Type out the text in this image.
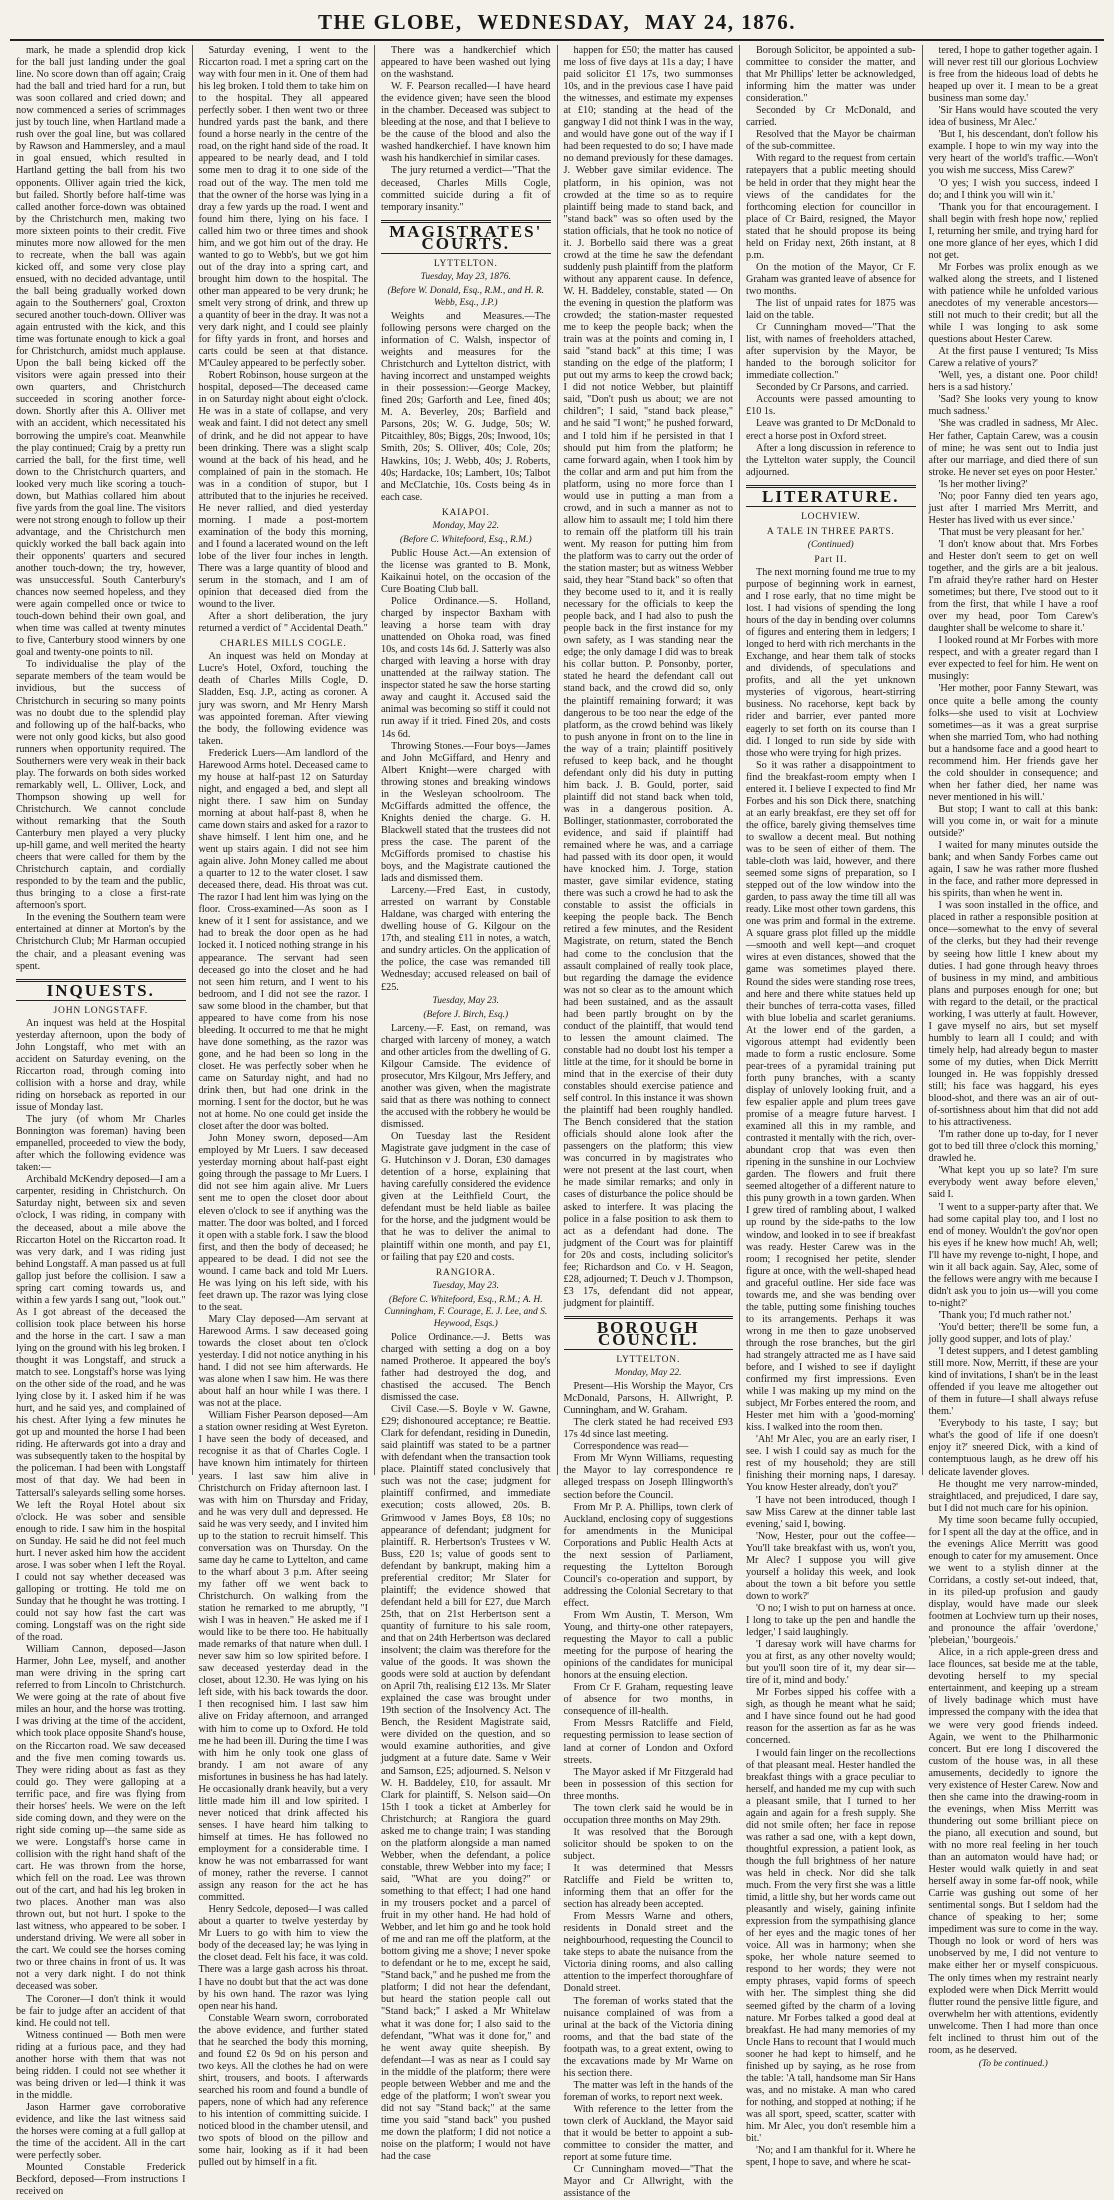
THE GLOBE, WEDNESDAY, MAY 24, 1876.

mark, he made a splendid drop kick for the ball just landing under the goal line. No score down than off again; Craig had the ball and tried hard for a run, but was soon collared and cried down; and now commenced a series of scrimmages just by touch line, when Hartland made a rush over the goal line, but was collared by Rawson and Hammersley, and a maul in goal ensued, which resulted in Hartland getting the ball from his two opponents. Olliver again tried the kick, but failed. Shortly before half-time was called another force-down was obtained by the Christchurch men, making two more sixteen points to their credit. Five minutes more now allowed for the men to recreate, when the ball was again kicked off, and some very close play ensued, with no decided advantage, until the ball being gradually worked down again to the Southerners' goal, Croxton secured another touch-down. Olliver was again entrusted with the kick, and this time was fortunate enough to kick a goal for Christchurch, amidst much applause. Upon the ball being kicked off the visitors were again pressed into their own quarters, and Christchurch succeeded in scoring another force-down. Shortly after this A. Olliver met with an accident, which necessitated his borrowing the umpire's coat. Meanwhile the play continued; Craig by a pretty run carried the ball, for the first time, well down to the Christchurch quarters, and looked very much like scoring a touch-down, but Mathias collared him about five yards from the goal line. The visitors were not strong enough to follow up their advantage, and the Christchurch men quickly worked the ball back again into their opponents' quarters and secured another touch-down; the try, however, was unsuccessful. South Canterbury's chances now seemed hopeless, and they were again compelled once or twice to touch-down behind their own goal, and when time was called at twenty minutes to five, Canterbury stood winners by one goal and twenty-one points to nil.

To individualise the play of the separate members of the team would be invidious, but the success of Christchurch in securing so many points was no doubt due to the splendid play and following up of the half-backs, who were not only good kicks, but also good runners when opportunity required. The Southerners were very weak in their back play. The forwards on both sides worked remarkably well, L. Olliver, Lock, and Thompson showing up well for Christchurch. We cannot conclude without remarking that the South Canterbury men played a very plucky up-hill game, and well merited the hearty cheers that were called for them by the Christchurch captain, and cordially responded to by the team and the public, thus bringing to a close a first-rate afternoon's sport.

In the evening the Southern team were entertained at dinner at Morton's by the Christchurch Club; Mr Harman occupied the chair, and a pleasant evening was spent.

INQUESTS.
JOHN LONGSTAFF.

An inquest was held at the Hospital yesterday afternoon, upon the body of John Longstaff, who met with an accident on Saturday evening, on the Riccarton road, through coming into collision with a horse and dray, while riding on horseback as reported in our issue of Monday last.

The jury (of whom Mr Charles Bonnington was foreman) having been empanelled, proceeded to view the body, after which the following evidence was taken:—

Archibald McKendry deposed—I am a carpenter, residing in Christchurch. On Saturday night, between six and seven o'clock, I was riding, in company with the deceased, about a mile above the Riccarton Hotel on the Riccarton road. It was very dark, and I was riding just behind Longstaff. A man passed us at full gallop just before the collision. I saw a spring cart coming towards us, and within a few yards I sang out, "look out." As I got abreast of the deceased the collision took place between his horse and the horse in the cart. I saw a man lying on the ground with his leg broken. I thought it was Longstaff, and struck a match to see. Longstaff's horse was lying on the other side of the road, and he was lying close by it. I asked him if he was hurt, and he said yes, and complained of his chest. After lying a few minutes he got up and mounted the horse I had been riding. He afterwards got into a dray and was subsequently taken to the hospital by the policeman. I had been with Longstaff most of that day. We had been in Tattersall's saleyards selling some horses. We left the Royal Hotel about six o'clock. He was sober and sensible enough to ride. I saw him in the hospital on Sunday. He said he did not feel much hurt. I never asked him how the accident arose. I was sober when I left the Royal. I could not say whether deceased was galloping or trotting. He told me on Sunday that he thought he was trotting. I could not say how fast the cart was coming. Longstaff was on the right side of the road.

William Cannon, deposed—Jason Harmer, John Lee, myself, and another man were driving in the spring cart referred to from Lincoln to Christchurch. We were going at the rate of about five miles an hour, and the horse was trotting. I was driving at the time of the accident, which took place opposite Shand's house, on the Riccarton road. We saw deceased and the five men coming towards us. They were riding about as fast as they could go. They were galloping at a terrific pace, and fire was flying from their horses' heels. We were on the left side coming down, and they were on the right side coming up—the same side as we were. Longstaff's horse came in collision with the right hand shaft of the cart. He was thrown from the horse, which fell on the road. Lee was thrown out of the cart, and had his leg broken in two places. Another man was also thrown out, but not hurt. I spoke to the last witness, who appeared to be sober. I understand driving. We were all sober in the cart. We could see the horses coming two or three chains in front of us. It was not a very dark night. I do not think deceased was sober.

The Coroner—I don't think it would be fair to judge after an accident of that kind. He could not tell.

Witness continued — Both men were riding at a furious pace, and they had another horse with them that was not being ridden. I could not see whether it was being driven or led—I think it was in the middle.

Jason Harmer gave corroborative evidence, and like the last witness said the horses were coming at a full gallop at the time of the accident. All in the cart were perfectly sober.

Mounted Constable Frederick Beckford, deposed—From instructions I received on

Saturday evening, I went to the Riccarton road. I met a spring cart on the way with four men in it. One of them had his leg broken. I told them to take him on to the hospital. They all appeared perfectly sober. I then went two or three hundred yards past the bank, and there found a horse nearly in the centre of the road, on the right hand side of the road. It appeared to be nearly dead, and I told some men to drag it to one side of the road out of the way. The men told me that the owner of the horse was lying in a dray a few yards up the road. I went and found him there, lying on his face. I called him two or three times and shook him, and we got him out of the dray. He wanted to go to Webb's, but we got him out of the dray into a spring cart, and brought him down to the hospital. The other man appeared to be very drunk; he smelt very strong of drink, and threw up a quantity of beer in the dray. It was not a very dark night, and I could see plainly for fifty yards in front, and horses and carts could be seen at that distance. M'Cauley appeared to be perfectly sober.

Robert Robinson, house surgeon at the hospital, deposed—The deceased came in on Saturday night about eight o'clock. He was in a state of collapse, and very weak and faint. I did not detect any smell of drink, and he did not appear to have been drinking. There was a slight scalp wound at the back of his head, and he complained of pain in the stomach. He was in a condition of stupor, but I attributed that to the injuries he received. He never rallied, and died yesterday morning. I made a post-mortem examination of the body this morning, and I found a lacerated wound on the left lobe of the liver four inches in length. There was a large quantity of blood and serum in the stomach, and I am of opinion that deceased died from the wound to the liver.

After a short deliberation, the jury returned a verdict of " Accidental Death."

CHARLES MILLS COGLE.

An inquest was held on Monday at Lucre's Hotel, Oxford, touching the death of Charles Mills Cogle, D. Sladden, Esq. J.P., acting as coroner. A jury was sworn, and Mr Henry Marsh was appointed foreman. After viewing the body, the following evidence was taken.

Frederick Luers—Am landlord of the Harewood Arms hotel. Deceased came to my house at half-past 12 on Saturday night, and engaged a bed, and slept all night there. I saw him on Sunday morning at about half-past 8, when he came down stairs and asked for a razor to shave himself. I lent him one, and he went up stairs again. I did not see him again alive. John Money called me about a quarter to 12 to the water closet. I saw deceased there, dead. His throat was cut. The razor I had lent him was lying on the floor. Cross-examined—As soon as I knew of it I sent for assistance, and we had to break the door open as he had locked it. I noticed nothing strange in his appearance. The servant had seen deceased go into the closet and he had not seen him return, and I went to his bedroom, and I did not see the razor. I saw some blood in the chamber, but that appeared to have come from his nose bleeding. It occurred to me that he might have done something, as the razor was gone, and he had been so long in the closet. He was perfectly sober when he came on Saturday night, and had no drink then, but had one drink in the morning. I sent for the doctor, but he was not at home. No one could get inside the closet after the door was bolted.

John Money sworn, deposed—Am employed by Mr Luers. I saw deceased yesterday morning about half-past eight going through the passage to Mr Luers. I did not see him again alive. Mr Luers sent me to open the closet door about eleven o'clock to see if anything was the matter. The door was bolted, and I forced it open with a stable fork. I saw the blood first, and then the body of deceased; he appeared to be dead. I did not see the wound. I came back and told Mr Luers. He was lying on his left side, with his feet drawn up. The razor was lying close to the seat.

Mary Clay deposed—Am servant at Harewood Arms. I saw deceased going towards the closet about ten o'clock yesterday. I did not notice anything in his hand. I did not see him afterwards. He was alone when I saw him. He was there about half an hour while I was there. I was not at the place.

William Fisher Pearson deposed—Am a station owner residing at West Eyreton. I have seen the body of deceased, and recognise it as that of Charles Cogle. I have known him intimately for thirteen years. I last saw him alive in Christchurch on Friday afternoon last. I was with him on Thursday and Friday, and he was very dull and depressed. He said he was very seedy, and I invited him up to the station to recruit himself. This conversation was on Thursday. On the same day he came to Lyttelton, and came to the wharf about 3 p.m. After seeing my father off we went back to Christchurch. On walking from the station he remarked to me abruptly, "I wish I was in heaven." He asked me if I would like to be there too. He habitually made remarks of that nature when dull. I never saw him so low spirited before. I saw deceased yesterday dead in the closet, about 12.30. He was lying on his left side, with his back towards the door. I then recognised him. I last saw him alive on Friday afternoon, and arranged with him to come up to Oxford. He told me he had been ill. During the time I was with him he only took one glass of brandy. I am not aware of any misfortunes in business he has had lately. He occasionally drank heavily, but a very little made him ill and low spirited. I never noticed that drink affected his senses. I have heard him talking to himself at times. He has followed no employment for a considerable time. I know he was not embarrassed for want of money, rather the reverse. I cannot assign any reason for the act he has committed.

Henry Sedcole, deposed—I was called about a quarter to twelve yesterday by Mr Luers to go with him to view the body of the deceased lay; he was lying in the closet dead. Felt his face, it was cold. There was a large gash across his throat. I have no doubt but that the act was done by his own hand. The razor was lying open near his hand.

Constable Wearn sworn, corroborated the above evidence, and further stated that he searched the body this morning, and found £2 0s 9d on his person and two keys. All the clothes he had on were shirt, trousers, and boots. I afterwards searched his room and found a bundle of papers, none of which had any reference to his intention of committing suicide. I noticed blood in the chamber utensil, and two spots of blood on the pillow and some hair, looking as if it had been pulled out by himself in a fit.

There was a handkerchief which appeared to have been washed out lying on the washstand.

W. F. Pearson recalled—I have heard the evidence given; have seen the blood in the chamber. Deceased was subject to bleeding at the nose, and that I believe to be the cause of the blood and also the washed handkerchief. I have known him wash his handkerchief in similar cases.

The jury returned a verdict—"That the deceased, Charles Mills Cogle, committed suicide during a fit of temporary insanity."

MAGISTRATES' COURTS.
LYTTELTON.
Tuesday, May 23, 1876.
(Before W. Donald, Esq., R.M., and H. R. Webb, Esq., J.P.)

Weights and Measures.—The following persons were charged on the information of C. Walsh, inspector of weights and measures for the Christchurch and Lyttelton district, with having incorrect and unstamped weights in their possession:—George Mackey, fined 20s; Garforth and Lee, fined 40s; M. A. Beverley, 20s; Barfield and Parsons, 20s; W. G. Judge, 50s; W. Pitcaithley, 80s; Biggs, 20s; Inwood, 10s; Smith, 20s; S. Olliver, 40s; Cole, 20s; Hawkins, 10s; J. Webb, 40s; J. Roberts, 40s; Hardacke, 10s; Lambert, 10s; Talbot and McClatchie, 10s. Costs being 4s in each case.

KAIAPOI.
Monday, May 22.
(Before C. Whitefoord, Esq., R.M.)

Public House Act.—An extension of the license was granted to B. Monk, Kaikainui hotel, on the occasion of the Cure Boating Club ball.

Police Ordinance.—S. Holland, charged by inspector Baxham with leaving a horse team with dray unattended on Ohoka road, was fined 10s, and costs 14s 6d. J. Satterly was also charged with leaving a horse with dray unattended at the railway station. The inspector stated he saw the horse starting away and caught it. Accused said the animal was becoming so stiff it could not run away if it tried. Fined 20s, and costs 14s 6d.

Throwing Stones.—Four boys—James and John McGiffard, and Henry and Albert Knight—were charged with throwing stones and breaking windows in the Wesleyan schoolroom. The McGiffards admitted the offence, the Knights denied the charge. G. H. Blackwell stated that the trustees did not press the case. The parent of the McGiffords promised to chastise his boys, and the Magistrate cautioned the lads and dismissed them.

Larceny.—Fred East, in custody, arrested on warrant by Constable Haldane, was charged with entering the dwelling house of G. Kilgour on the 17th, and stealing £11 in notes, a watch, and sundry articles. On the application of the police, the case was remanded till Wednesday; accused released on bail of £25.

Tuesday, May 23.
(Before J. Birch, Esq.)

Larceny.—F. East, on remand, was charged with larceny of money, a watch and other articles from the dwelling of G. Kilgour Camside. The evidence of prosecutor, Mrs Kilgour, Mrs Jeffery, and another was given, when the magistrate said that as there was nothing to connect the accused with the robbery he would be dismissed.

On Tuesday last the Resident Magistrate gave judgment in the case of G. Hutchinson v J. Doran, £30 damages detention of a horse, explaining that having carefully considered the evidence given at the Leithfield Court, the defendant must be held liable as bailee for the horse, and the judgment would be that he was to deliver the animal to plaintiff within one month, and pay £1, or failing that pay £20 and costs.

RANGIORA.
Tuesday, May 23.
(Before C. Whitefoord, Esq., R.M.; A. H. Cunningham, F. Courage, E. J. Lee, and S. Heywood, Esqs.)

Police Ordinance.—J. Betts was charged with setting a dog on a boy named Protheroe. It appeared the boy's father had destroyed the dog, and chastised the accused. The Bench dismissed the case.

Civil Case.—S. Boyle v W. Gawne, £29; dishonoured acceptance; re Beattie. Clark for defendant, residing in Dunedin, said plaintiff was stated to be a partner with defendant when the transaction took place. Plaintiff stated conclusively that such was not the case; judgment for plaintiff confirmed, and immediate execution; costs allowed, 20s. B. Grimwood v James Boys, £8 10s; no appearance of defendant; judgment for plaintiff. R. Herbertson's Trustees v W. Buss, £20 1s; value of goods sent to defendant by bankrupt, making him a preferential creditor; Mr Slater for plaintiff; the evidence showed that defendant held a bill for £27, due March 25th, that on 21st Herbertson sent a quantity of furniture to his sale room, and that on 24th Herbertson was declared insolvent; the claim was therefore for the value of the goods. It was shown the goods were sold at auction by defendant on April 7th, realising £12 13s. Mr Slater explained the case was brought under 19th section of the Insolvency Act. The Bench, the Resident Magistrate said, were divided on the question, and so would examine authorities, and give judgment at a future date. Same v Weir and Samson, £25; adjourned. S. Nelson v W. H. Baddeley, £10, for assault. Mr Clark for plaintiff, S. Nelson said—On 15th I took a ticket at Amberley for Christchurch; at Rangiora the guard asked me to change train; I was standing on the platform alongside a man named Webber, when the defendant, a police constable, threw Webber into my face; I said, "What are you doing?" or something to that effect; I had one hand in my trousers pocket and a parcel of fruit in my other hand. He had hold of Webber, and let him go and he took hold of me and ran me off the platform, at the bottom giving me a shove; I never spoke to defendant or he to me, except he said, "Stand back," and he pushed me from the platform; I did not hear the defendant, but heard the station people call out "Stand back;" I asked a Mr Whitelaw what it was done for; I also said to the defendant, "What was it done for," and he went away quite sheepish. By defendant—I was as near as I could say in the middle of the platform; there were people between Webber and me and the edge of the platform; I won't swear you did not say "Stand back;" at the same time you said "stand back" you pushed me down the platform; I did not notice a noise on the platform; I would not have had the case

happen for £50; the matter has caused me loss of five days at 11s a day; I have paid solicitor £1 17s, two summonses 10s, and in the previous case I have paid the witnesses, and estimate my expenses at £10; standing at the head of the gangway I did not think I was in the way, and would have gone out of the way if I had been requested to do so; I have made no demand previously for these damages. J. Webber gave similar evidence. The platform, in his opinion, was not crowded at the time so as to require plaintiff being made to stand back, and "stand back" was so often used by the station officials, that he took no notice of it. J. Borbello said there was a great crowd at the time he saw the defendant suddenly push plaintiff from the platform without any apparent cause. In defence, W. H. Baddeley, constable, stated — On the evening in question the platform was crowded; the station-master requested me to keep the people back; when the train was at the points and coming in, I said "stand back" at this time; I was standing on the edge of the platform; I put out my arms to keep the crowd back; I did not notice Webber, but plaintiff said, "Don't push us about; we are not children"; I said, "stand back please," and he said "I wont;" he pushed forward, and I told him if he persisted in that I should put him from the platform; he came forward again, when I took him by the collar and arm and put him from the platform, using no more force than I would use in putting a man from a crowd, and in such a manner as not to allow him to assault me; I told him there to remain off the platform till his train went. My reason for putting him from the platform was to carry out the order of the station master; but as witness Webber said, they hear "Stand back" so often that they become used to it, and it is really necessary for the officials to keep the people back, and I had also to push the people back in the first instance for my own safety, as I was standing near the edge; the only damage I did was to break his collar button. P. Ponsonby, porter, stated he heard the defendant call out stand back, and the crowd did so, only the plaintiff remaining forward; it was dangerous to be too near the edge of the platform, as the crowd behind was likely to push anyone in front on to the line in the way of a train; plaintiff positively refused to keep back, and he thought defendant only did his duty in putting him back. J. B. Gould, porter, said plaintiff did not stand back when told, was in a dangerous position. A. Bollinger, stationmaster, corroborated the evidence, and said if plaintiff had remained where he was, and a carriage had passed with its door open, it would have knocked him. J. Torge, station master, gave similar evidence, stating there was such a crowd he had to ask the constable to assist the officials in keeping the people back. The Bench retired a few minutes, and the Resident Magistrate, on return, stated the Bench had come to the conclusion that the assault complained of really took place, but regarding the damage the evidence was not so clear as to the amount which had been sustained, and as the assault had been partly brought on by the conduct of the plaintiff, that would tend to lessen the amount claimed. The constable had no doubt lost his temper a little at the time, for it should be borne in mind that in the exercise of their duty constables should exercise patience and self control. In this instance it was shown the plaintiff had been roughly handled. The Bench considered that the station officials should alone look after the passengers on the platform; this view was concurred in by magistrates who were not present at the last court, when he made similar remarks; and only in cases of disturbance the police should be asked to interfere. It was placing the police in a false position to ask them to act as a defendant had done. The judgment of the Court was for plaintiff for 20s and costs, including solicitor's fee; Richardson and Co. v H. Seagon, £28, adjourned; T. Deuch v J. Thompson, £3 17s, defendant did not appear, judgment for plaintiff.

BOROUGH COUNCIL.
LYTTELTON.
Monday, May 22.

Present—His Worship the Mayor, Crs McDonald, Parsons, H. Allwright, P. Cunningham, and W. Graham.

The clerk stated he had received £93 17s 4d since last meeting.

Correspondence was read—

From Mr Wynn Williams, requesting the Mayor to lay correspondence re alleged trespass on Joseph Illingworth's section before the Council.

From Mr P. A. Phillips, town clerk of Auckland, enclosing copy of suggestions for amendments in the Municipal Corporations and Public Health Acts at the next session of Parliament, requesting the Lyttelton Borough Council's co-operation and support, by addressing the Colonial Secretary to that effect.

From Wm Austin, T. Merson, Wm Young, and thirty-one other ratepayers, requesting the Mayor to call a public meeting for the purpose of hearing the opinions of the candidates for municipal honors at the ensuing election.

From Cr F. Graham, requesting leave of absence for two months, in consequence of ill-health.

From Messrs Ratcliffe and Field, requesting permission to lease section of land at corner of London and Oxford streets.

The Mayor asked if Mr Fitzgerald had been in possession of this section for three months.

The town clerk said he would be in occupation three months on May 29th.

It was resolved that the Borough solicitor should be spoken to on the subject.

It was determined that Messrs Ratcliffe and Field be written to, informing them that an offer for the section has already been accepted.

From Messrs Warne and others, residents in Donald street and the neighbourhood, requesting the Council to take steps to abate the nuisance from the Victoria dining rooms, and also calling attention to the imperfect thoroughfare of Donald street.

The foreman of works stated that the nuisance complained of was from a urinal at the back of the Victoria dining rooms, and that the bad state of the footpath was, to a great extent, owing to the excavations made by Mr Warne on his section there.

The matter was left in the hands of the foreman of works, to report next week.

With reference to the letter from the town clerk of Auckland, the Mayor said that it would be better to appoint a sub-committee to consider the matter, and report at some future time.

Cr Cunningham moved—"That the Mayor and Cr Allwright, with the assistance of the

Borough Solicitor, be appointed a sub-committee to consider the matter, and that Mr Phillips' letter be acknowledged, informing him the matter was under consideration."

Seconded by Cr McDonald, and carried.

Resolved that the Mayor be chairman of the sub-committee.

With regard to the request from certain ratepayers that a public meeting should be held in order that they might hear the views of the candidates for the forthcoming election for councillor in place of Cr Baird, resigned, the Mayor stated that he should propose its being held on Friday next, 26th instant, at 8 p.m.

On the motion of the Mayor, Cr F. Graham was granted leave of absence for two months.

The list of unpaid rates for 1875 was laid on the table.

Cr Cunningham moved—"That the list, with names of freeholders attached, after supervision by the Mayor, be handed to the borough solicitor for immediate collection."

Seconded by Cr Parsons, and carried.

Accounts were passed amounting to £10 1s.

Leave was granted to Dr McDonald to erect a horse post in Oxford street.

After a long discussion in reference to the Lyttelton water supply, the Council adjourned.

LITERATURE.
LOCHVIEW.
A TALE IN THREE PARTS.
(Continued)
Part II.

The next morning found me true to my purpose of beginning work in earnest, and I rose early, that no time might be lost. I had visions of spending the long hours of the day in bending over columns of figures and entering them in ledgers; I longed to herd with rich merchants in the Exchange, and hear them talk of stocks and dividends, of speculations and profits, and all the yet unknown mysteries of vigorous, heart-stirring business. No racehorse, kept back by rider and barrier, ever panted more eagerly to set forth on its course than I did. I longed to run side by side with those who were trying for high prizes.

So it was rather a disappointment to find the breakfast-room empty when I entered it. I believe I expected to find Mr Forbes and his son Dick there, snatching at an early breakfast, ere they set off for the office, barely giving themselves time to swallow a decent meal. But nothing was to be seen of either of them. The table-cloth was laid, however, and there seemed some signs of preparation, so I stepped out of the low window into the garden, to pass away the time till all was ready. Like most other town gardens, this one was prim and formal in the extreme. A square grass plot filled up the middle—smooth and well kept—and croquet wires at even distances, showed that the game was sometimes played there. Round the sides were standing rose trees, and here and there white statues held up their bunches of terra-cotta vases, filled with blue lobelia and scarlet geraniums. At the lower end of the garden, a vigorous attempt had evidently been made to form a rustic enclosure. Some pear-trees of a pyramidal training put forth puny branches, with a scanty display of unlovely looking fruit, and a few espalier apple and plum trees gave promise of a meagre future harvest. I examined all this in my ramble, and contrasted it mentally with the rich, over-abundant crop that was even then ripening in the sunshine in our Lochview garden. The flowers and fruit there seemed altogether of a different nature to this puny growth in a town garden. When I grew tired of rambling about, I walked up round by the side-paths to the low window, and looked in to see if breakfast was ready. Hester Carew was in the room; I recognised her petite, slender figure at once, with the well-shaped head and graceful outline. Her side face was towards me, and she was bending over the table, putting some finishing touches to its arrangements. Perhaps it was wrong in me then to gaze unobserved through the rose branches, but the girl had strangely attracted me as I have said before, and I wished to see if daylight confirmed my first impressions. Even while I was making up my mind on the subject, Mr Forbes entered the room, and Hester met him with a 'good-morning' kiss. I walked into the room then.

'Ah! Mr Alec, you are an early riser, I see. I wish I could say as much for the rest of my household; they are still finishing their morning naps, I daresay. You know Hester already, don't you?'

'I have not been introduced, though I saw Miss Carew at the dinner table last evening,' said I, bowing.

'Now, Hester, pour out the coffee—You'll take breakfast with us, won't you, Mr Alec? I suppose you will give yourself a holiday this week, and look about the town a bit before you settle down to work?'

'O no; I wish to put on harness at once. I long to take up the pen and handle the ledger,' I said laughingly.

'I daresay work will have charms for you at first, as any other novelty would; but you'll soon tire of it, my dear sir—tire of it, mind and body.'

Mr Forbes sipped his coffee with a sigh, as though he meant what he said; and I have since found out he had good reason for the assertion as far as he was concerned.

I would fain linger on the recollections of that pleasant meal. Hester handled the breakfast things with a grace peculiar to herself, and handed me my cup with such a pleasant smile, that I turned to her again and again for a fresh supply. She did not smile often; her face in repose was rather a sad one, with a kept down, thoughtful expression, a patient look, as though the full brightness of her nature was held in check. Nor did she talk much. From the very first she was a little timid, a little shy, but her words came out pleasantly and wisely, gaining infinite expression from the sympathising glance of her eyes and the magic tones of her voice. All was in harmony; when she spoke, her whole nature seemed to respond to her words; they were not empty phrases, vapid forms of speech with her. The simplest thing she did seemed gifted by the charm of a loving nature. Mr Forbes talked a good deal at breakfast. He had many memories of my Uncle Hans to recount that I would much sooner he had kept to himself, and he finished up by saying, as he rose from the table: 'A tall, handsome man Sir Hans was, and no mistake. A man who cared for nothing, and stopped at nothing; if he was all sport, speed, scatter, scatter with him. Mr Alec, you don't resemble him a bit.'

'No; and I am thankful for it. Where he spent, I hope to save, and where he scat-

tered, I hope to gather together again. I will never rest till our glorious Lochview is free from the hideous load of debts he heaped up over it. I mean to be a great business man some day.'

'Sir Hans would have scouted the very idea of business, Mr Alec.'

'But I, his descendant, don't follow his example. I hope to win my way into the very heart of the world's traffic.—Won't you wish me success, Miss Carew?'

'O yes; I wish you success, indeed I do; and I think you will win it.'

'Thank you for that encouragement. I shall begin with fresh hope now,' replied I, returning her smile, and trying hard for one more glance of her eyes, which I did not get.

Mr Forbes was prolix enough as we walked along the streets, and I listened with patience while he unfolded various anecdotes of my venerable ancestors—still not much to their credit; but all the while I was longing to ask some questions about Hester Carew.

At the first pause I ventured; 'Is Miss Carew a relative of yours?'

'Well, yes, a distant one. Poor child! hers is a sad history.'

'Sad? She looks very young to know much sadness.'

'She was cradled in sadness, Mr Alec. Her father, Captain Carew, was a cousin of mine; he was sent out to India just after our marriage, and died there of sun stroke. He never set eyes on poor Hester.'

'Is her mother living?'

'No; poor Fanny died ten years ago, just after I married Mrs Merritt, and Hester has lived with us ever since.'

'That must be very pleasant for her.'

'I don't know about that. Mrs Forbes and Hester don't seem to get on well together, and the girls are a bit jealous. I'm afraid they're rather hard on Hester sometimes; but there, I've stood out to it from the first, that while I have a roof over my head, poor Tom Carew's daughter shall be welcome to share it.'

I looked round at Mr Forbes with more respect, and with a greater regard than I ever expected to feel for him. He went on musingly:

'Her mother, poor Fanny Stewart, was once quite a belle among the county folks—she used to visit at Lochview sometimes—as it was a great surprise when she married Tom, who had nothing but a handsome face and a good heart to recommend him. Her friends gave her the cold shoulder in consequence; and when her father died, her name was never mentioned in his will.'

But stop; I want to call at this bank: will you come in, or wait for a minute outside?'

I waited for many minutes outside the bank; and when Sandy Forbes came out again, I saw he was rather more flushed in the face, and rather more depressed in his spirits, than when he went in.

I was soon installed in the office, and placed in rather a responsible position at once—somewhat to the envy of several of the clerks, but they had their revenge by seeing how little I knew about my duties. I had gone through heavy throes of business in my mind, and ambitious plans and purposes enough for one; but with regard to the detail, or the practical working, I was utterly at fault. However, I gave myself no airs, but set myself humbly to learn all I could; and with timely help, had already begun to master some of my duties, when Dick Merritt lounged in. He was foppishly dressed still; his face was haggard, his eyes blood-shot, and there was an air of out-of-sortishness about him that did not add to his attractiveness.

'I'm rather done up to-day, for I never got to bed till three o'clock this morning,' drawled he.

'What kept you up so late? I'm sure everybody went away before eleven,' said I.

'I went to a supper-party after that. We had some capital play too, and I lost no end of money. Wouldn't the gov'nor open his eyes if he knew how much! Ah, well; I'll have my revenge to-night, I hope, and win it all back again. Say, Alec, some of the fellows were angry with me because I didn't ask you to join us—will you come to-night?'

'Thank you; I'd much rather not.'

'You'd better; there'll be some fun, a jolly good supper, and lots of play.'

'I detest suppers, and I detest gambling still more. Now, Merritt, if these are your kind of invitations, I shan't be in the least offended if you leave me altogether out of them in future—I shall always refuse them.'

'Everybody to his taste, I say; but what's the good of life if one doesn't enjoy it?' sneered Dick, with a kind of contemptuous laugh, as he drew off his delicate lavender gloves.

He thought me very narrow-minded, straightlaced, and prejudiced, I dare say, but I did not much care for his opinion.

My time soon became fully occupied, for I spent all the day at the office, and in the evenings Alice Merritt was good enough to cater for my amusement. Once we went to a stylish dinner at the Corridans, a costly set-out indeed, that, in its piled-up profusion and gaudy display, would have made our sleek footmen at Lochview turn up their noses, and pronounce the affair 'overdone,' 'plebeian,' 'bourgeois.'

Alice, in a rich apple-green dress and lace flounces, sat beside me at the table, devoting herself to my special entertainment, and keeping up a stream of lively badinage which must have impressed the company with the idea that we were very good friends indeed. Again, we went to the Philharmonic concert. But ere long I discovered the custom of the house was, in all these amusements, decidedly to ignore the very existence of Hester Carew. Now and then she came into the drawing-room in the evenings, when Miss Merritt was thundering out some brilliant piece on the piano, all execution and sound, but with no more real feeling in her touch than an automaton would have had; or Hester would walk quietly in and seat herself away in some far-off nook, while Carrie was gushing out some of her sentimental songs. But I seldom had the chance of speaking to her; some impediment was sure to come in the way. Though no look or word of hers was unobserved by me, I did not venture to make either her or myself conspicuous. The only times when my restraint nearly exploded were when Dick Merritt would flutter round the pensive little figure, and overwhelm her with attentions, evidently unwelcome. Then I had more than once felt inclined to thrust him out of the room, as he deserved.

(To be continued.)
